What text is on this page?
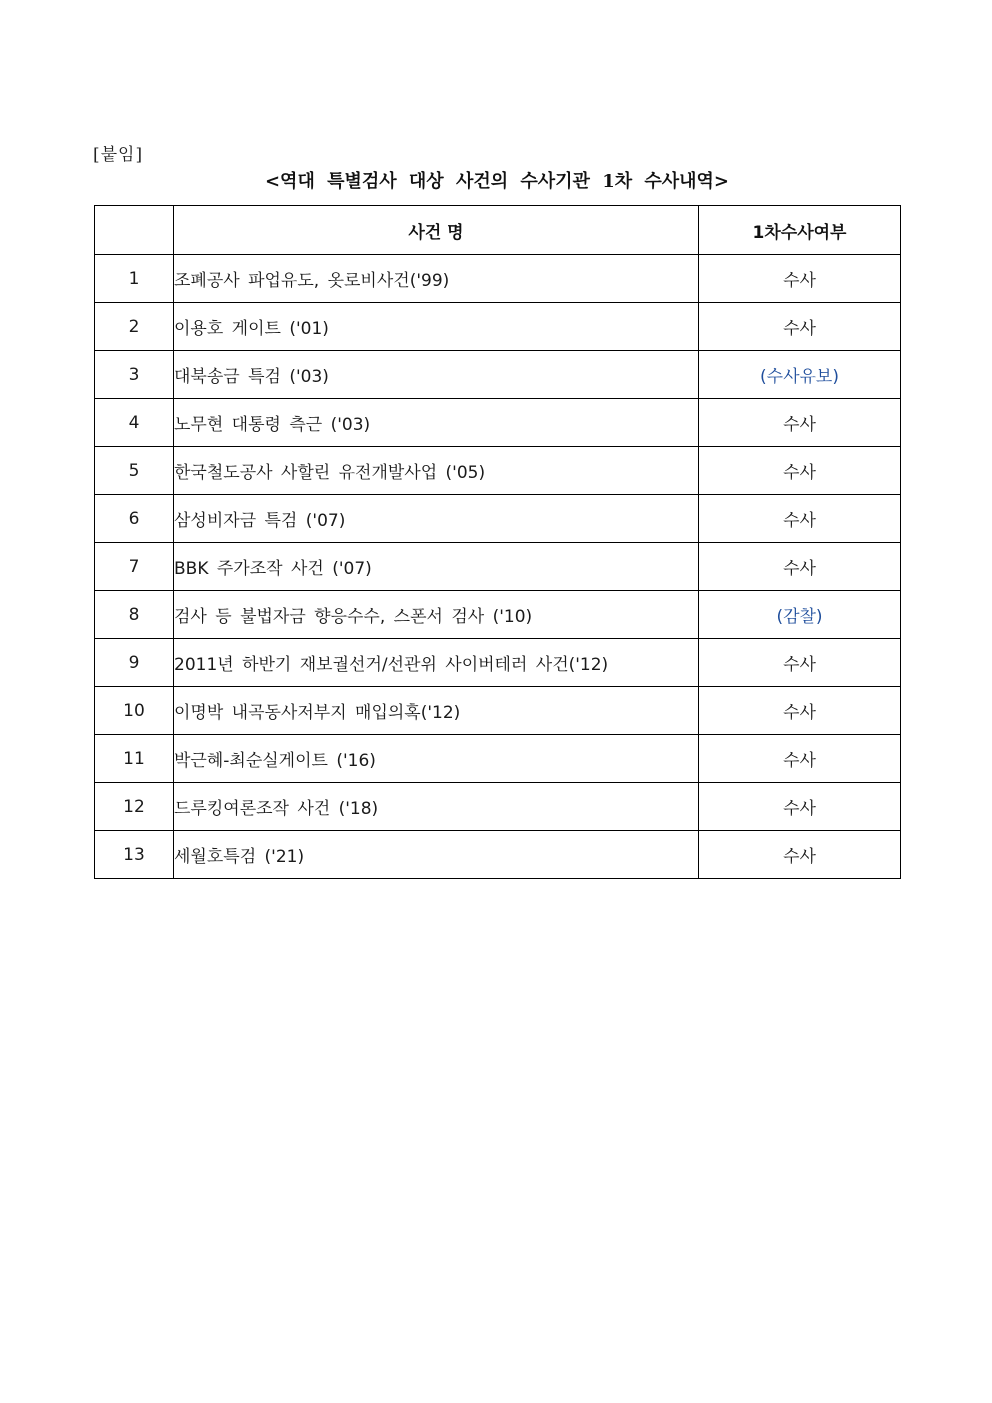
[붙임]
<역대 특별검사 대상 사건의 수사기관 1차 수사내역>
	사건 명	1차수사여부
1	조폐공사 파업유도, 옷로비사건('99)	수사
2	이용호 게이트 ('01)	수사
3	대북송금 특검 ('03)	(수사유보)
4	노무현 대통령 측근 ('03)	수사
5	한국철도공사 사할린 유전개발사업 ('05)	수사
6	삼성비자금 특검 ('07)	수사
7	BBK 주가조작 사건 ('07)	수사
8	검사 등 불법자금 향응수수, 스폰서 검사 ('10)	(감찰)
9	2011년 하반기 재보궐선거/선관위 사이버테러 사건('12)	수사
10	이명박 내곡동사저부지 매입의혹('12)	수사
11	박근혜-최순실게이트 ('16)	수사
12	드루킹여론조작 사건 ('18)	수사
13	세월호특검 ('21)	수사
